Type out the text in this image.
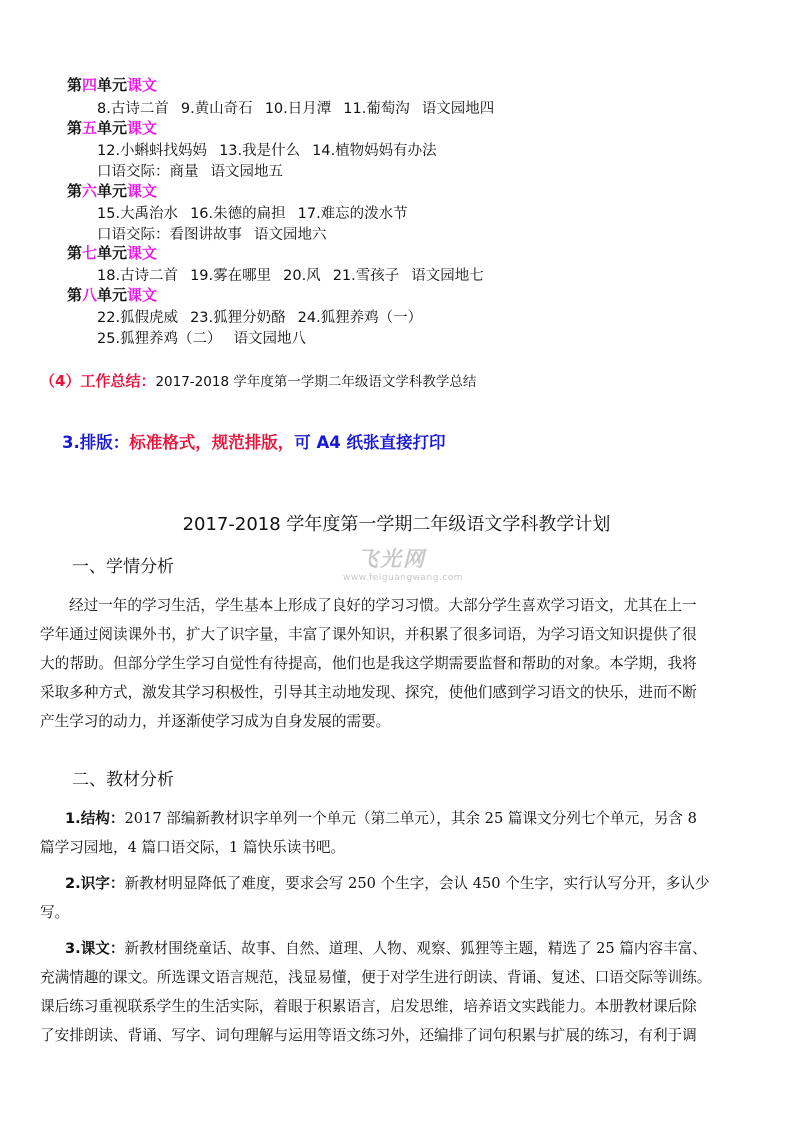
第四单元课文
8.古诗二首 9.黄山奇石 10.日月潭 11.葡萄沟 语文园地四
第五单元课文
12.小蝌蚪找妈妈 13.我是什么 14.植物妈妈有办法
口语交际：商量 语文园地五
第六单元课文
15.大禹治水 16.朱德的扁担 17.难忘的泼水节
口语交际：看图讲故事 语文园地六
第七单元课文
18.古诗二首 19.雾在哪里 20.风 21.雪孩子 语文园地七
第八单元课文
22.狐假虎威 23.狐狸分奶酪 24.狐狸养鸡（一）
25.狐狸养鸡（二） 语文园地八
（4）工作总结：2017-2018 学年度第一学期二年级语文学科教学总结
3.排版：标准格式，规范排版，可 A4 纸张直接打印
2017-2018 学年度第一学期二年级语文学科教学计划
飞光网
www.feiguangwang.com
一、学情分析

经过一年的学习生活，学生基本上形成了良好的学习习惯。大部分学生喜欢学习语文，尤其在上一

学年通过阅读课外书，扩大了识字量，丰富了课外知识，并积累了很多词语，为学习语文知识提供了很

大的帮助。但部分学生学习自觉性有待提高，他们也是我这学期需要监督和帮助的对象。本学期，我将

采取多种方式，激发其学习积极性，引导其主动地发现、探究，使他们感到学习语文的快乐，进而不断

产生学习的动力，并逐渐使学习成为自身发展的需要。

二、教材分析

1.结构：2017 部编新教材识字单列一个单元（第二单元），其余 25 篇课文分列七个单元，另含 8

篇学习园地，4 篇口语交际，1 篇快乐读书吧。

2.识字：新教材明显降低了难度，要求会写 250 个生字，会认 450 个生字，实行认写分开，多认少

写。

3.课文：新教材围绕童话、故事、自然、道理、人物、观察、狐狸等主题，精选了 25 篇内容丰富、

充满情趣的课文。所选课文语言规范，浅显易懂，便于对学生进行朗读、背诵、复述、口语交际等训练。

课后练习重视联系学生的生活实际，着眼于积累语言，启发思维，培养语文实践能力。本册教材课后除

了安排朗读、背诵、写字、词句理解与运用等语文练习外，还编排了词句积累与扩展的练习，有利于调
